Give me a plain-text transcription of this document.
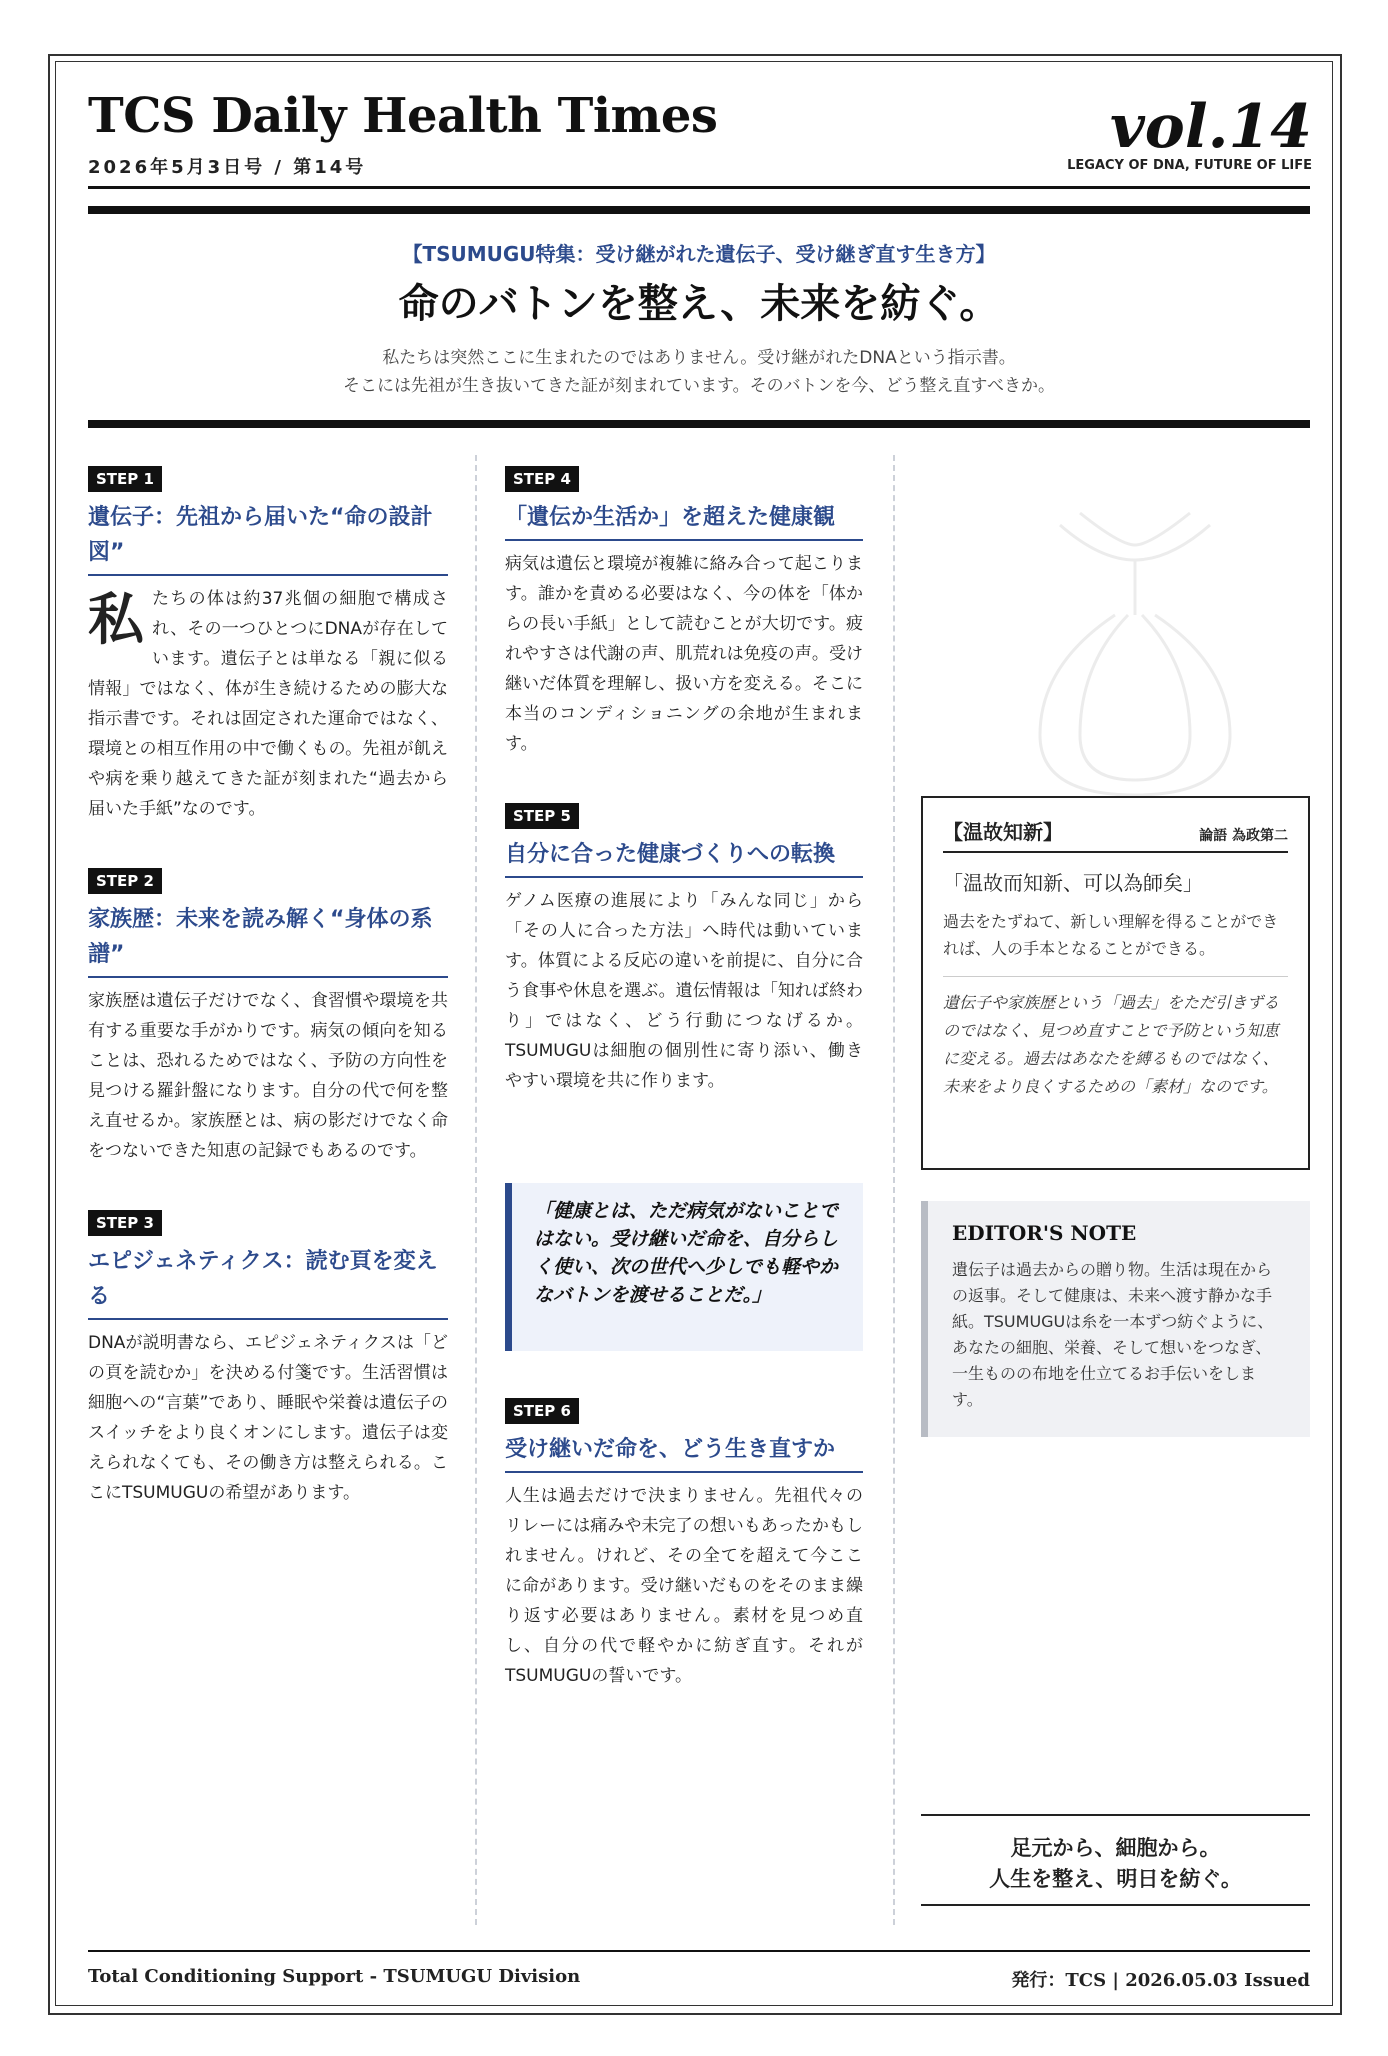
TCS Daily Health Times
2026年5月3日号 / 第14号
vol.14
LEGACY OF DNA, FUTURE OF LIFE
【TSUMUGU特集：受け継がれた遺伝子、受け継ぎ直す生き方】
命のバトンを整え、未来を紡ぐ。

私たちは突然ここに生まれたのではありません。受け継がれたDNAという指示書。

そこには先祖が生き抜いてきた証が刻まれています。そのバトンを今、どう整え直すべきか。

STEP 1
遺伝子：先祖から届いた“命の設計図”
私 たちの体は約37兆個の細胞で構成され、その一つひとつにDNAが存在しています。遺伝子とは単なる「親に似る情報」ではなく、体が生き続けるための膨大な指示書です。それは固定された運命ではなく、環境との相互作用の中で働くもの。先祖が飢えや病を乗り越えてきた証が刻まれた“過去から届いた手紙”なのです。
STEP 2
家族歴：未来を読み解く“身体の系譜”
家族歴は遺伝子だけでなく、食習慣や環境を共有する重要な手がかりです。病気の傾向を知ることは、恐れるためではなく、予防の方向性を見つける羅針盤になります。自分の代で何を整え直せるか。家族歴とは、病の影だけでなく命をつないできた知恵の記録でもあるのです。
STEP 3
エピジェネティクス：読む頁を変える
DNAが説明書なら、エピジェネティクスは「どの頁を読むか」を決める付箋です。生活習慣は細胞への“言葉”であり、睡眠や栄養は遺伝子のスイッチをより良くオンにします。遺伝子は変えられなくても、その働き方は整えられる。ここにTSUMUGUの希望があります。
STEP 4
「遺伝か生活か」を超えた健康観
病気は遺伝と環境が複雑に絡み合って起こります。誰かを責める必要はなく、今の体を「体からの長い手紙」として読むことが大切です。疲れやすさは代謝の声、肌荒れは免疫の声。受け継いだ体質を理解し、扱い方を変える。そこに本当のコンディショニングの余地が生まれます。
STEP 5
自分に合った健康づくりへの転換
ゲノム医療の進展により「みんな同じ」から「その人に合った方法」へ時代は動いています。体質による反応の違いを前提に、自分に合う食事や休息を選ぶ。遺伝情報は「知れば終わり」ではなく、どう行動につなげるか。TSUMUGUは細胞の個別性に寄り添い、働きやすい環境を共に作ります。
「健康とは、ただ病気がないことではない。受け継いだ命を、自分らしく使い、次の世代へ少しでも軽やかなバトンを渡せることだ。」
STEP 6
受け継いだ命を、どう生き直すか
人生は過去だけで決まりません。先祖代々のリレーには痛みや未完了の想いもあったかもしれません。けれど、その全てを超えて今ここに命があります。受け継いだものをそのまま繰り返す必要はありません。素材を見つめ直し、自分の代で軽やかに紡ぎ直す。それがTSUMUGUの誓いです。
【温故知新】	論語 為政第二
「温故而知新、可以為師矣」
過去をたずねて、新しい理解を得ることができれば、人の手本となることができる。
遺伝子や家族歴という「過去」をただ引きずるのではなく、見つめ直すことで予防という知恵に変える。過去はあなたを縛るものではなく、未来をより良くするための「素材」なのです。
EDITOR'S NOTE
遺伝子は過去からの贈り物。生活は現在からの返事。そして健康は、未来へ渡す静かな手紙。TSUMUGUは糸を一本ずつ紡ぐように、あなたの細胞、栄養、そして想いをつなぎ、一生ものの布地を仕立てるお手伝いをします。
足元から、細胞から。
人生を整え、明日を紡ぐ。
Total Conditioning Support - TSUMUGU Division	発行：TCS | 2026.05.03 Issued
